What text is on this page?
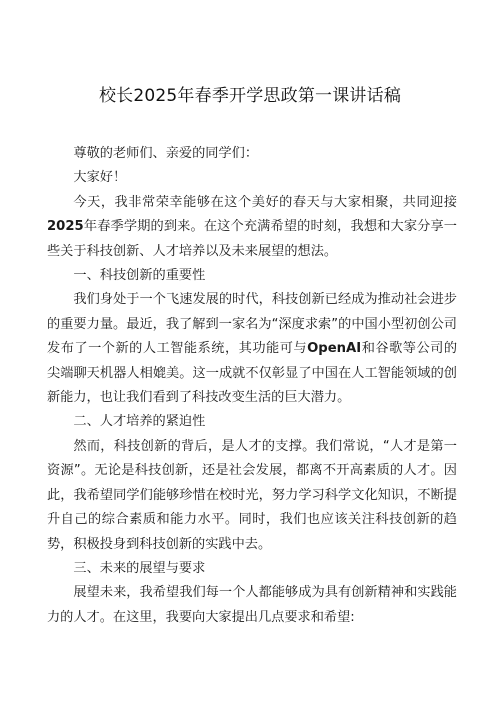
校长2025年春季开学思政第一课讲话稿

尊敬的老师们、亲爱的同学们：

大家好！

今天，我非常荣幸能够在这个美好的春天与大家相聚，共同迎接2025年春季学期的到来。在这个充满希望的时刻，我想和大家分享一些关于科技创新、人才培养以及未来展望的想法。

一、科技创新的重要性

我们身处于一个飞速发展的时代，科技创新已经成为推动社会进步的重要力量。最近，我了解到一家名为“深度求索”的中国小型初创公司发布了一个新的人工智能系统，其功能可与OpenAI和谷歌等公司的尖端聊天机器人相媲美。这一成就不仅彰显了中国在人工智能领域的创新能力，也让我们看到了科技改变生活的巨大潜力。

二、人才培养的紧迫性

然而，科技创新的背后，是人才的支撑。我们常说，“人才是第一资源”。无论是科技创新，还是社会发展，都离不开高素质的人才。因此，我希望同学们能够珍惜在校时光，努力学习科学文化知识，不断提升自己的综合素质和能力水平。同时，我们也应该关注科技创新的趋势，积极投身到科技创新的实践中去。

三、未来的展望与要求

展望未来，我希望我们每一个人都能够成为具有创新精神和实践能力的人才。在这里，我要向大家提出几点要求和希望:
